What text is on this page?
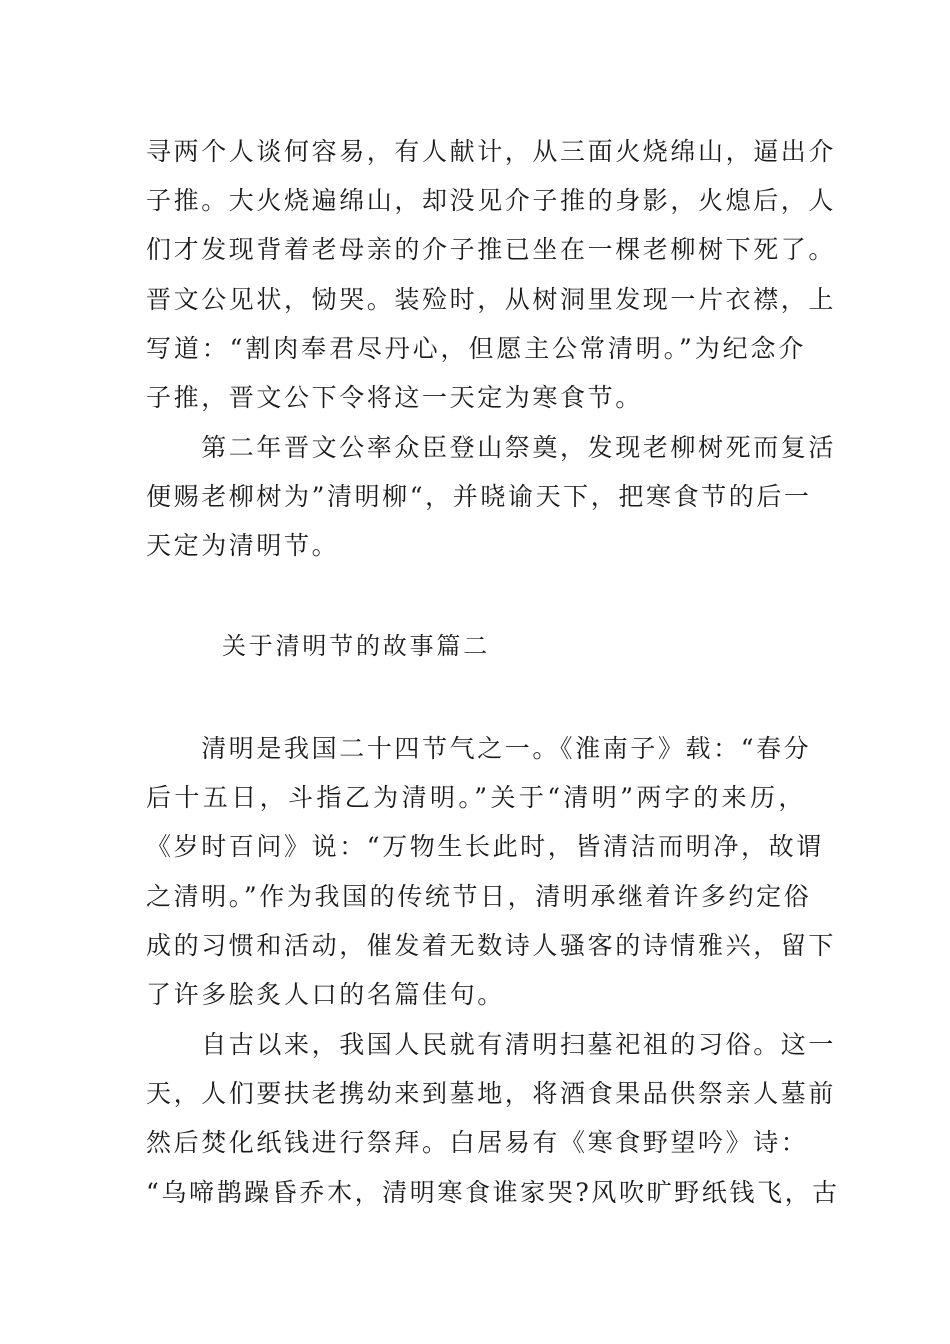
寻两个人谈何容易，有人献计，从三面火烧绵山，逼出介
子推。大火烧遍绵山，却没见介子推的身影，火熄后，人
们才发现背着老母亲的介子推已坐在一棵老柳树下死了。
晋文公见状，恸哭。装殓时，从树洞里发现一片衣襟，上
写道：“割肉奉君尽丹心，但愿主公常清明。”为纪念介
子推，晋文公下令将这一天定为寒食节。
　　第二年晋文公率众臣登山祭奠，发现老柳树死而复活
便赐老柳树为”清明柳“，并晓谕天下，把寒食节的后一
天定为清明节。
关于清明节的故事篇二
　　清明是我国二十四节气之一。《淮南子》载：“春分
后十五日，斗指乙为清明。”关于“清明”两字的来历，
《岁时百问》说：“万物生长此时，皆清洁而明净，故谓
之清明。”作为我国的传统节日，清明承继着许多约定俗
成的习惯和活动，催发着无数诗人骚客的诗情雅兴，留下
了许多脍炙人口的名篇佳句。
　　自古以来，我国人民就有清明扫墓祀祖的习俗。这一
天，人们要扶老携幼来到墓地，将酒食果品供祭亲人墓前
然后焚化纸钱进行祭拜。白居易有《寒食野望吟》诗：
“乌啼鹊躁昏乔木，清明寒食谁家哭?风吹旷野纸钱飞，古
